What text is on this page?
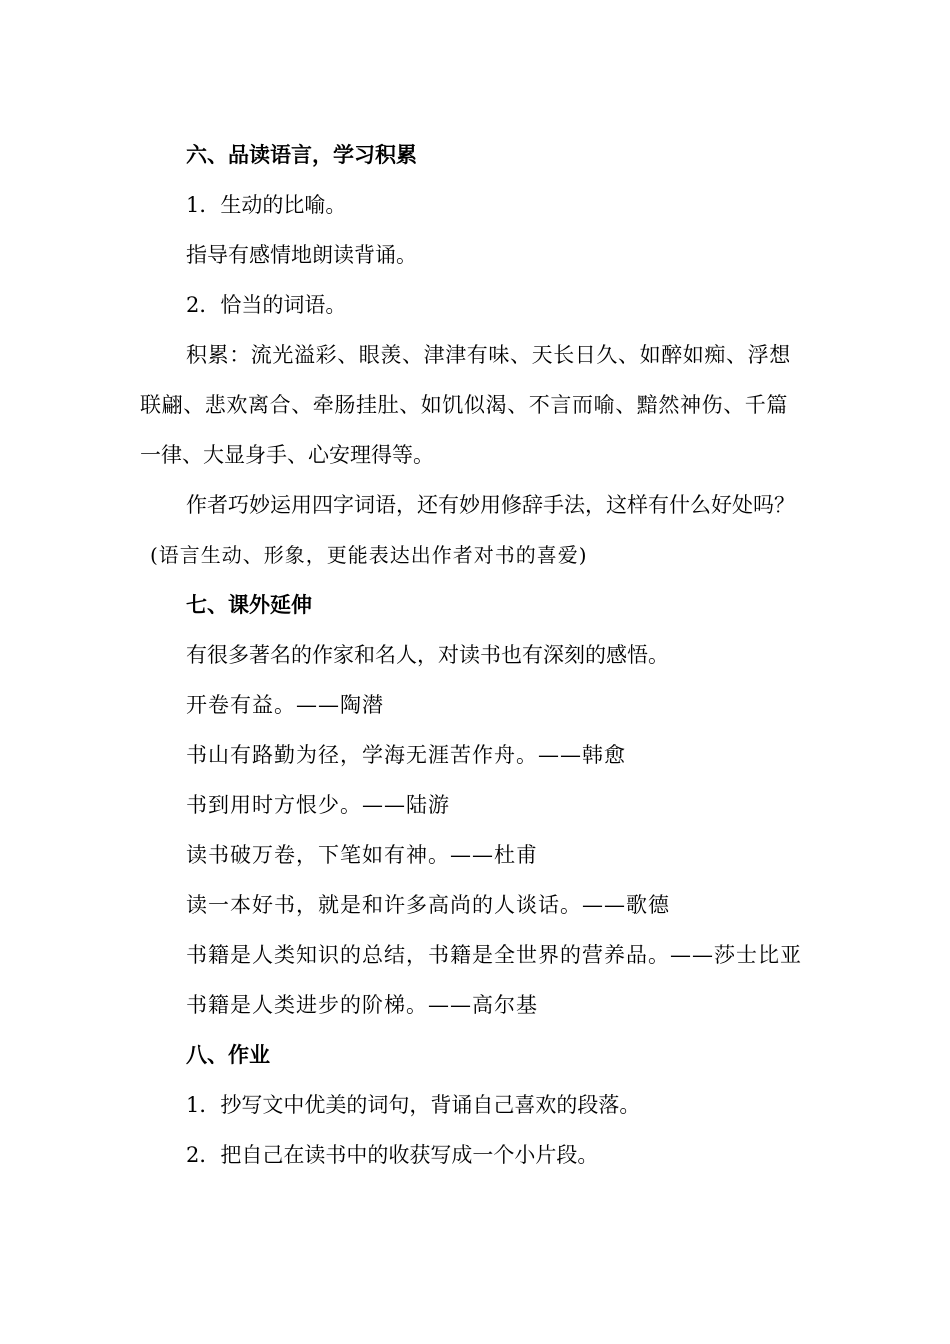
六、品读语言，学习积累
1．生动的比喻。
指导有感情地朗读背诵。
2．恰当的词语。
积累：流光溢彩、眼羡、津津有味、天长日久、如醉如痴、浮想
联翩、悲欢离合、牵肠挂肚、如饥似渴、不言而喻、黯然神伤、千篇
一律、大显身手、心安理得等。
作者巧妙运用四字词语，还有妙用修辞手法，这样有什么好处吗？
(语言生动、形象，更能表达出作者对书的喜爱)
七、课外延伸
有很多著名的作家和名人，对读书也有深刻的感悟。
开卷有益。——陶潜
书山有路勤为径，学海无涯苦作舟。——韩愈
书到用时方恨少。——陆游
读书破万卷，下笔如有神。——杜甫
读一本好书，就是和许多高尚的人谈话。——歌德
书籍是人类知识的总结，书籍是全世界的营养品。——莎士比亚
书籍是人类进步的阶梯。——高尔基
八、作业
1．抄写文中优美的词句，背诵自己喜欢的段落。
2．把自己在读书中的收获写成一个小片段。
